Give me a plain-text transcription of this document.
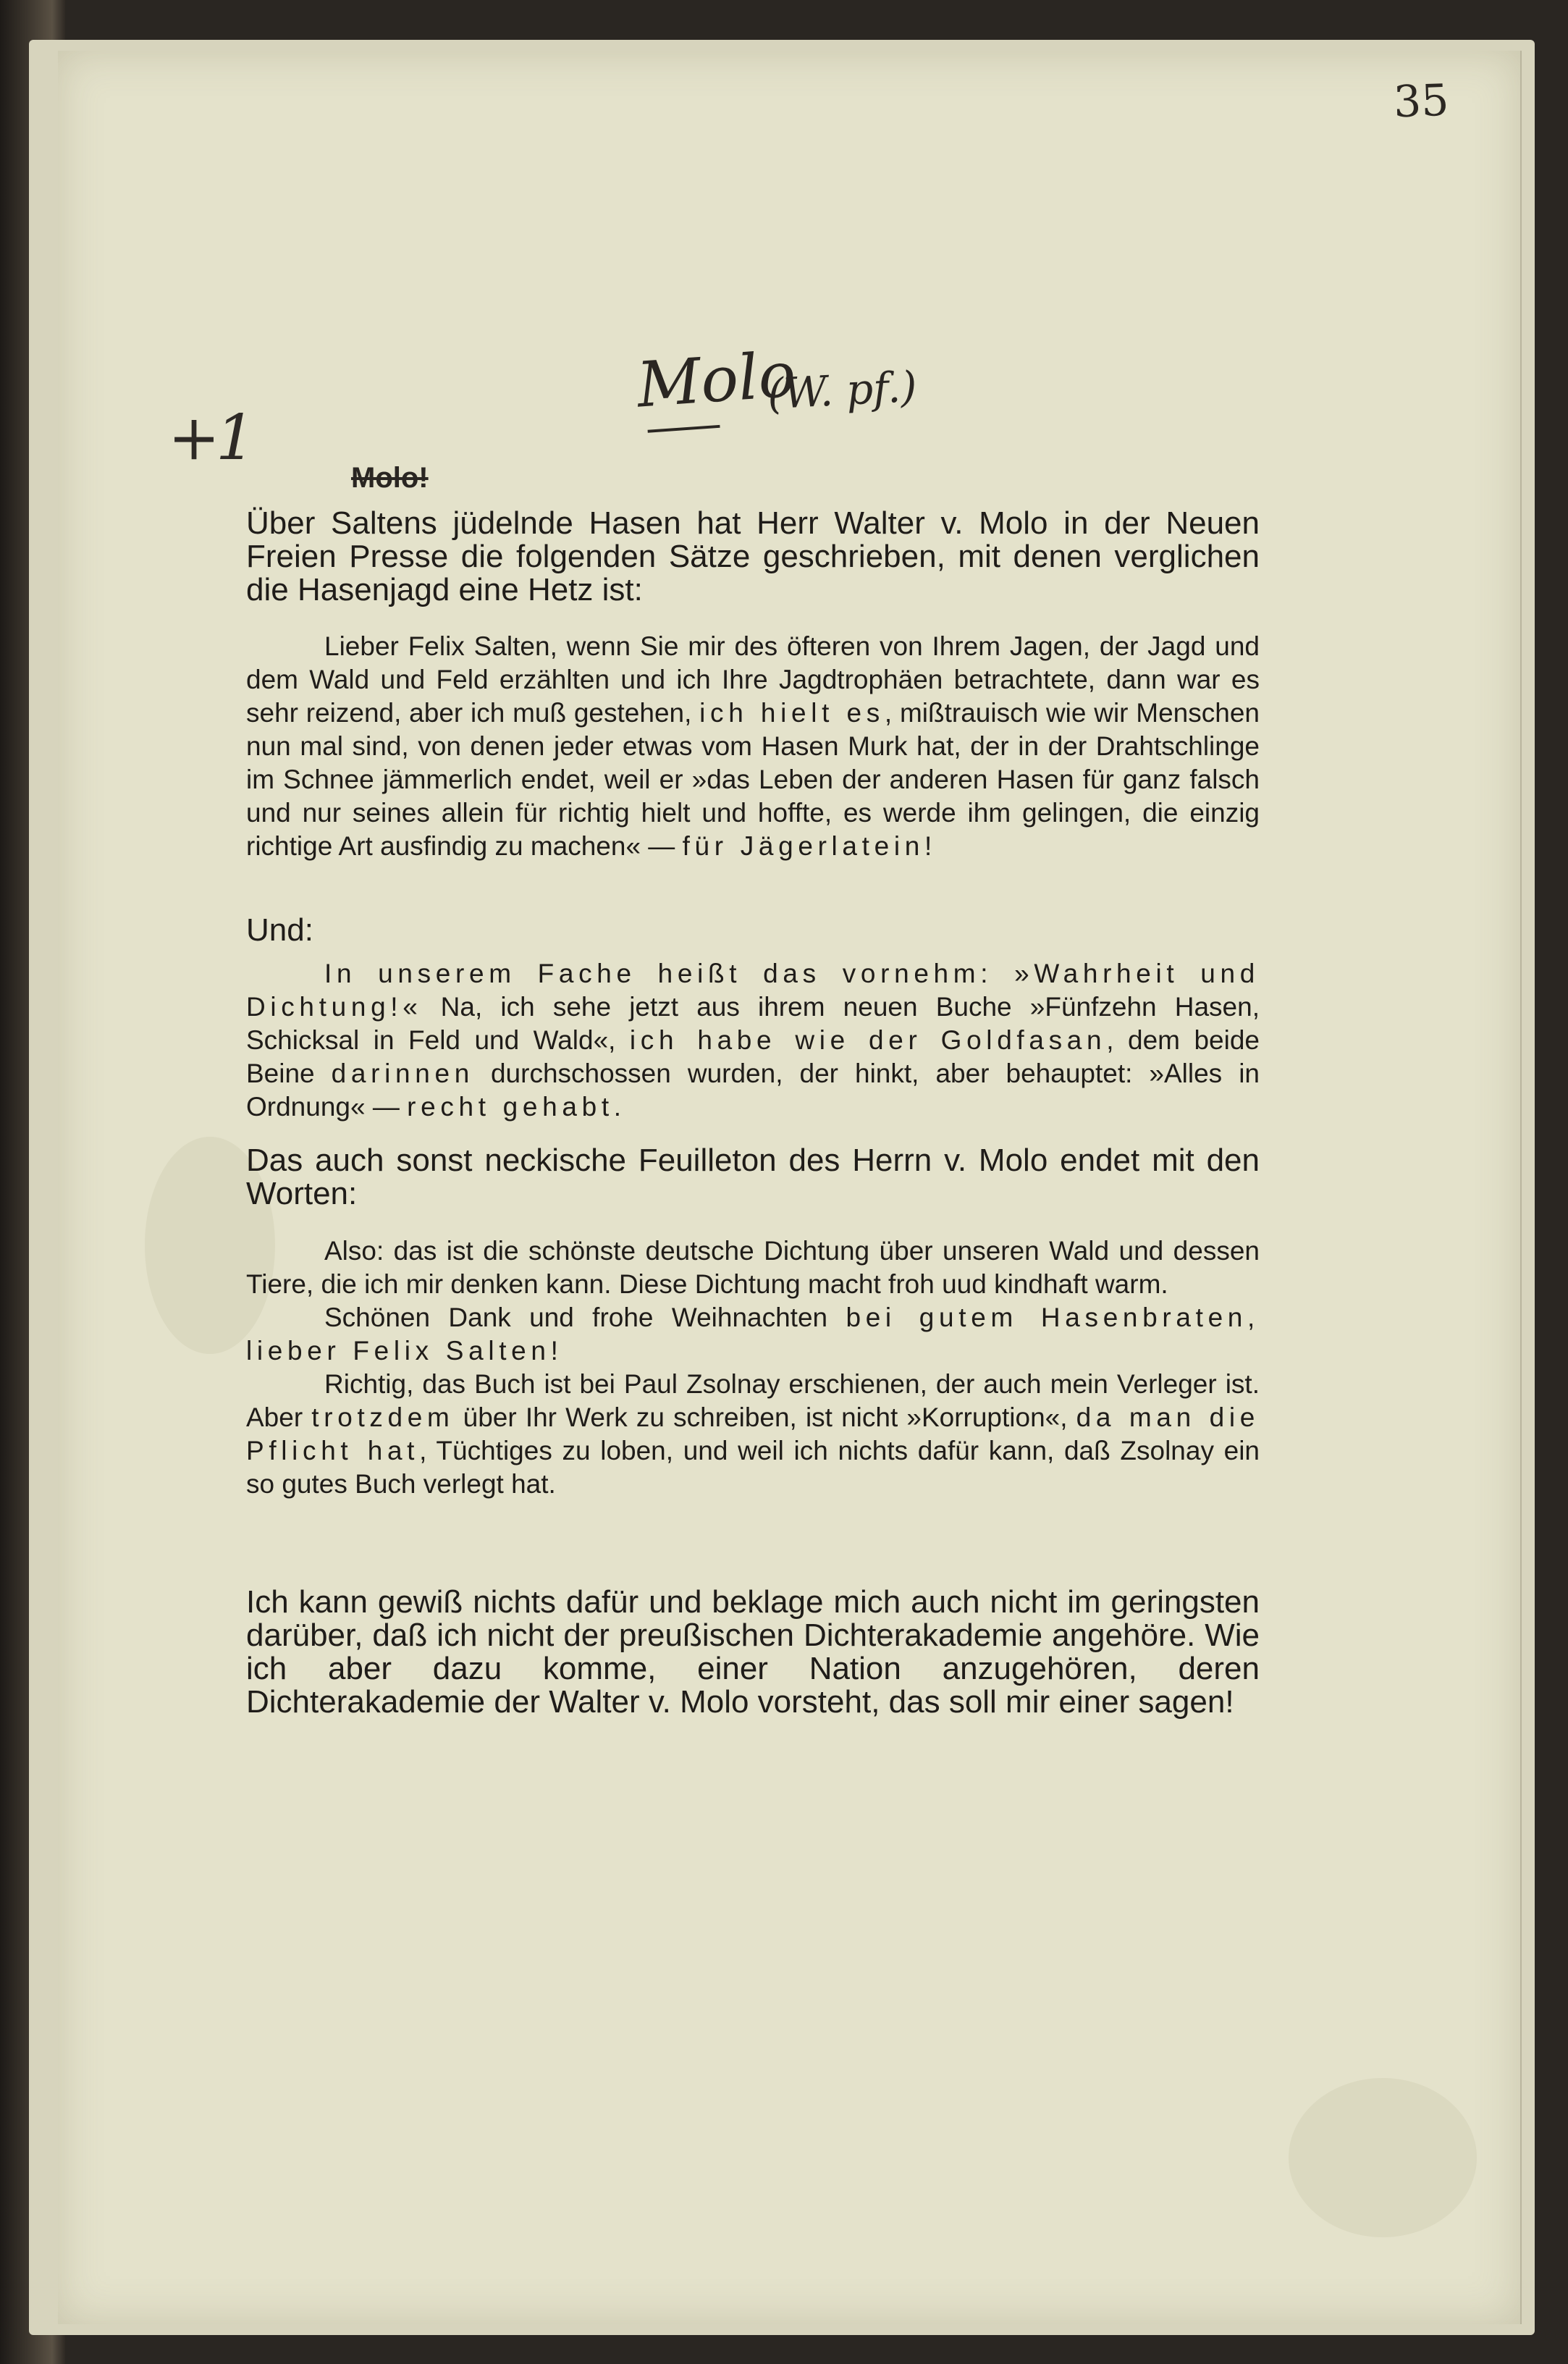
35
+1
Molo
(W. pf.)
Molo!
Über Saltens jüdelnde Hasen hat Herr Walter v. Molo in der Neuen Freien Presse die folgenden Sätze geschrieben, mit denen verglichen die Hasenjagd eine Hetz ist:

Lieber Felix Salten, wenn Sie mir des öfteren von Ihrem Jagen, der Jagd und dem Wald und Feld erzählten und ich Ihre Jagdtrophäen betrachtete, dann war es sehr reizend, aber ich muß gestehen, ich hielt es, mißtrauisch wie wir Menschen nun mal sind, von denen jeder etwas vom Hasen Murk hat, der in der Drahtschlinge im Schnee jämmerlich endet, weil er »das Leben der anderen Hasen für ganz falsch und nur seines allein für richtig hielt und hoffte, es werde ihm gelingen, die einzig richtige Art ausfindig zu machen« — für Jägerlatein!

Und:

In unserem Fache heißt das vornehm: »Wahrheit und Dichtung!« Na, ich sehe jetzt aus ihrem neuen Buche »Fünfzehn Hasen, Schicksal in Feld und Wald«, ich habe wie der Goldfasan, dem beide Beine darinnen durchschossen wurden, der hinkt, aber behauptet: »Alles in Ordnung« — recht gehabt.

Das auch sonst neckische Feuilleton des Herrn v. Molo endet mit den Worten:

Also: das ist die schönste deutsche Dichtung über unseren Wald und dessen Tiere, die ich mir denken kann. Diese Dichtung macht froh uud kindhaft warm.

Schönen Dank und frohe Weihnachten bei gutem Hasenbraten, lieber Felix Salten!

Richtig, das Buch ist bei Paul Zsolnay erschienen, der auch mein Verleger ist. Aber trotzdem über Ihr Werk zu schreiben, ist nicht »Korruption«, da man die Pflicht hat, Tüchtiges zu loben, und weil ich nichts dafür kann, daß Zsolnay ein so gutes Buch verlegt hat.

Ich kann gewiß nichts dafür und beklage mich auch nicht im geringsten darüber, daß ich nicht der preußischen Dichterakademie angehöre. Wie ich aber dazu komme, einer Nation anzugehören, deren Dichterakademie der Walter v. Molo vorsteht, das soll mir einer sagen!
